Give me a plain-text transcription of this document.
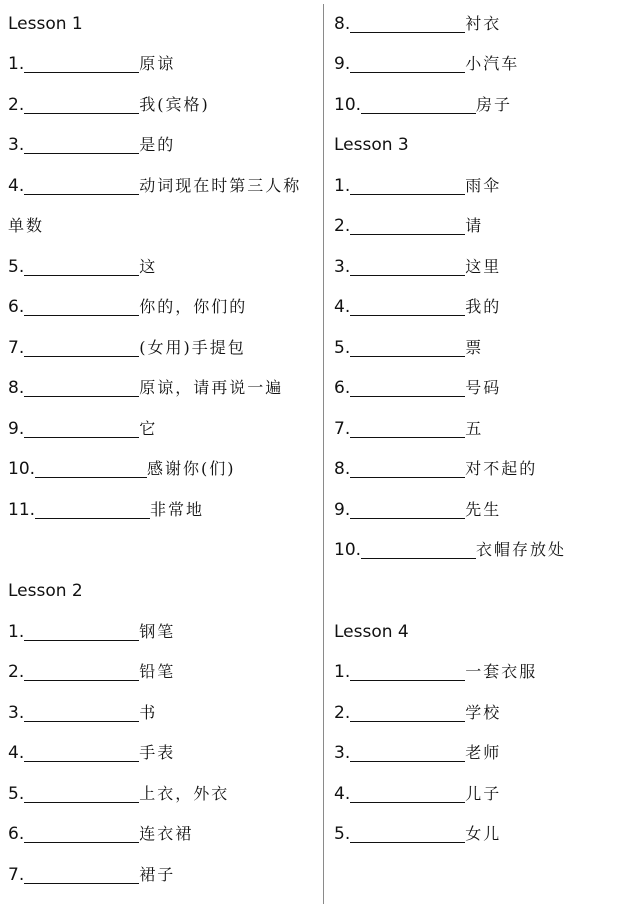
Lesson 1
1.	原谅
2.	我(宾格)
3.	是的
4.	动词现在时第三人称
单数
5.	这
6.	你的，你们的
7.	(女用)手提包
8.	原谅，请再说一遍
9.	它
10.	感谢你(们)
11.	非常地
Lesson 2
1.	钢笔
2.	铅笔
3.	书
4.	手表
5.	上衣，外衣
6.	连衣裙
7.	裙子
8.	衬衣
9.	小汽车
10.	房子
Lesson 3
1.	雨伞
2.	请
3.	这里
4.	我的
5.	票
6.	号码
7.	五
8.	对不起的
9.	先生
10.	衣帽存放处
Lesson 4
1.	一套衣服
2.	学校
3.	老师
4.	儿子
5.	女儿
